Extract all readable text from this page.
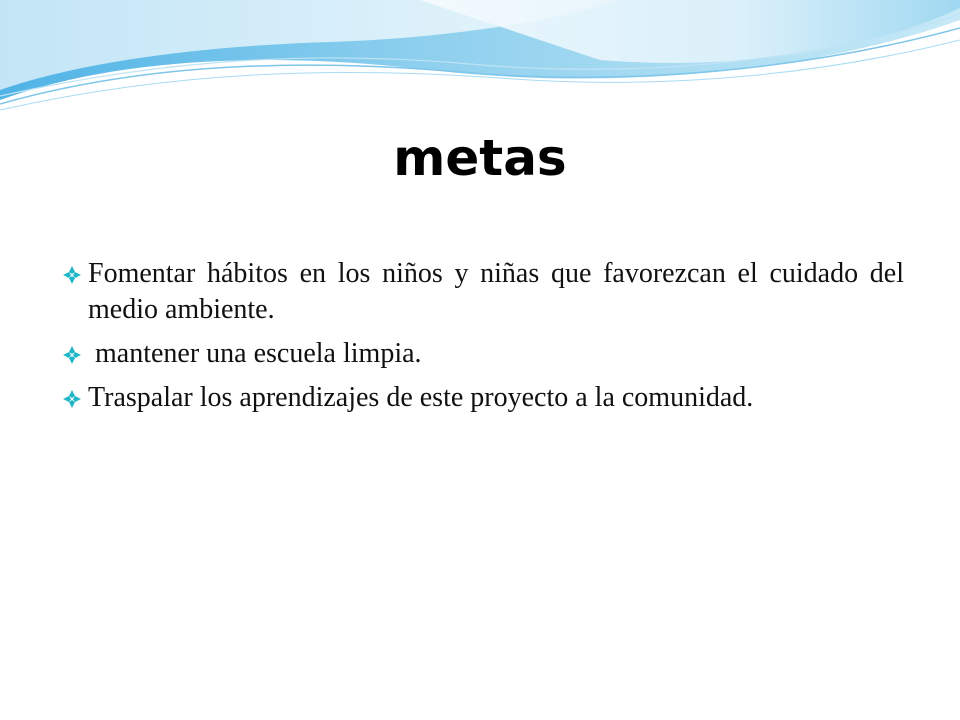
metas
Fomentar hábitos en los niños y niñas que favorezcan el cuidado del medio ambiente.
mantener una escuela limpia.
Traspalar los aprendizajes de este proyecto a la comunidad.
